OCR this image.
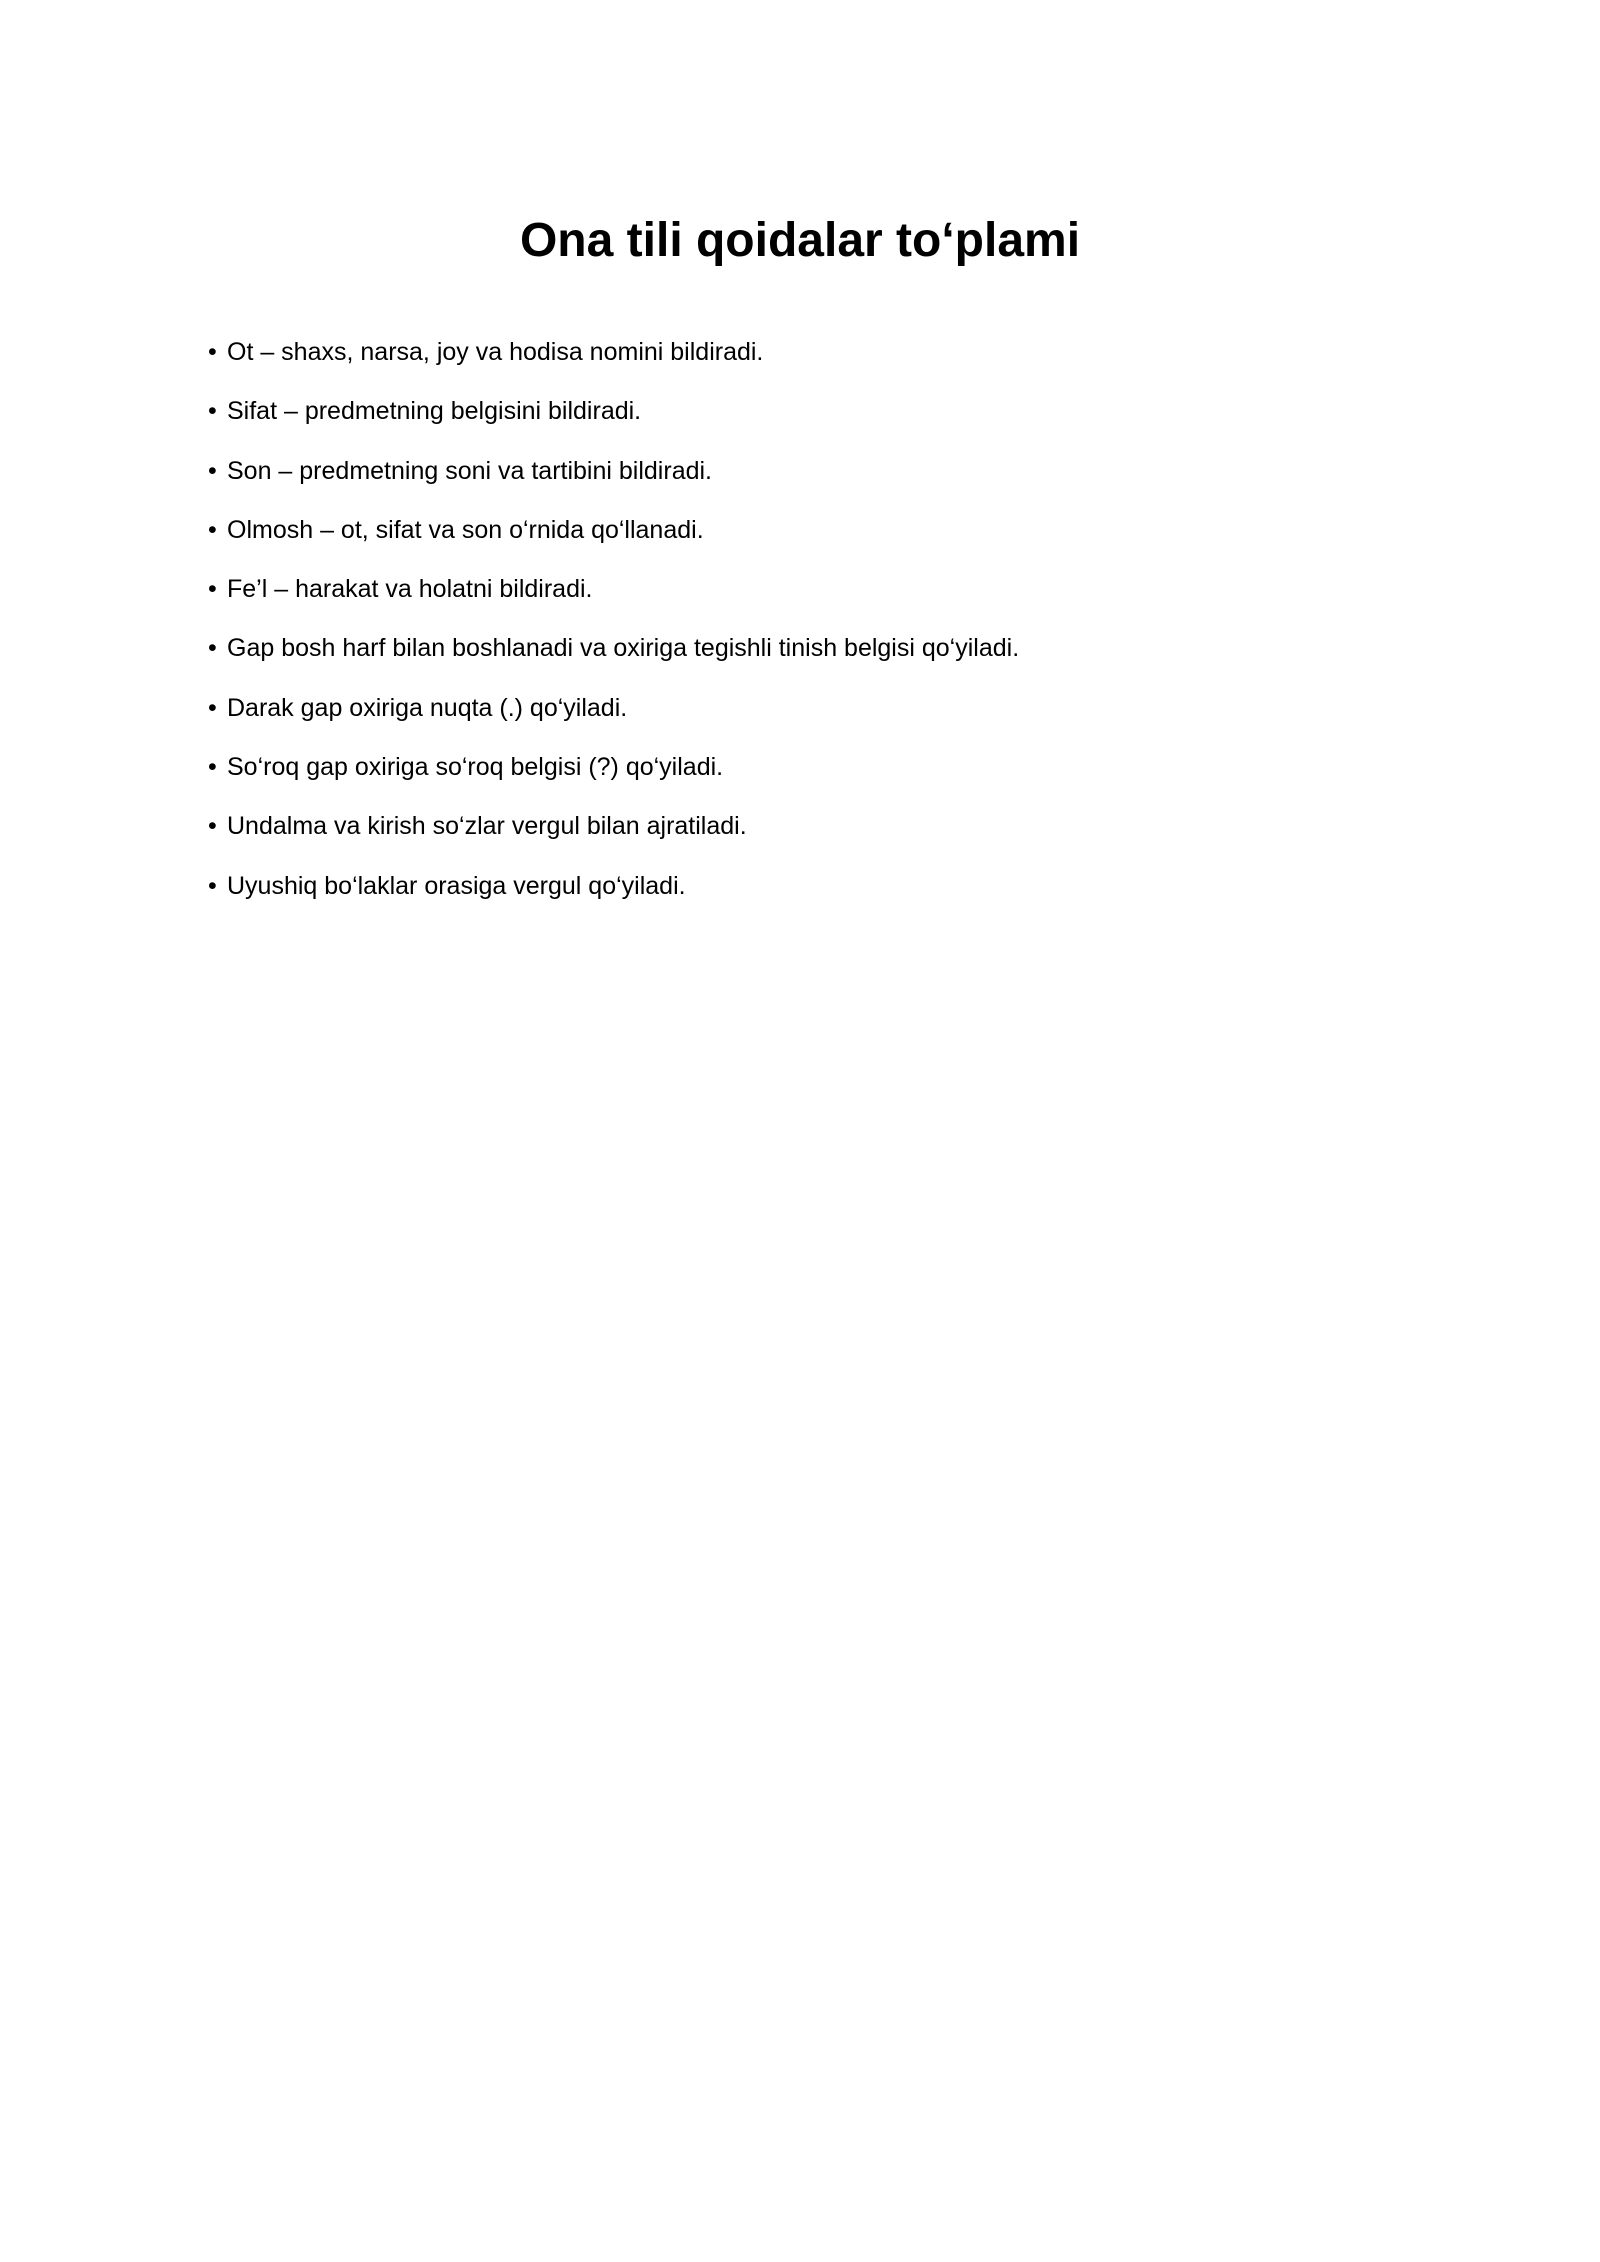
Ona tili qoidalar to‘plami
• Ot – shaxs, narsa, joy va hodisa nomini bildiradi.
• Sifat – predmetning belgisini bildiradi.
• Son – predmetning soni va tartibini bildiradi.
• Olmosh – ot, sifat va son o‘rnida qo‘llanadi.
• Fe’l – harakat va holatni bildiradi.
• Gap bosh harf bilan boshlanadi va oxiriga tegishli tinish belgisi qo‘yiladi.
• Darak gap oxiriga nuqta (.) qo‘yiladi.
• So‘roq gap oxiriga so‘roq belgisi (?) qo‘yiladi.
• Undalma va kirish so‘zlar vergul bilan ajratiladi.
• Uyushiq bo‘laklar orasiga vergul qo‘yiladi.
